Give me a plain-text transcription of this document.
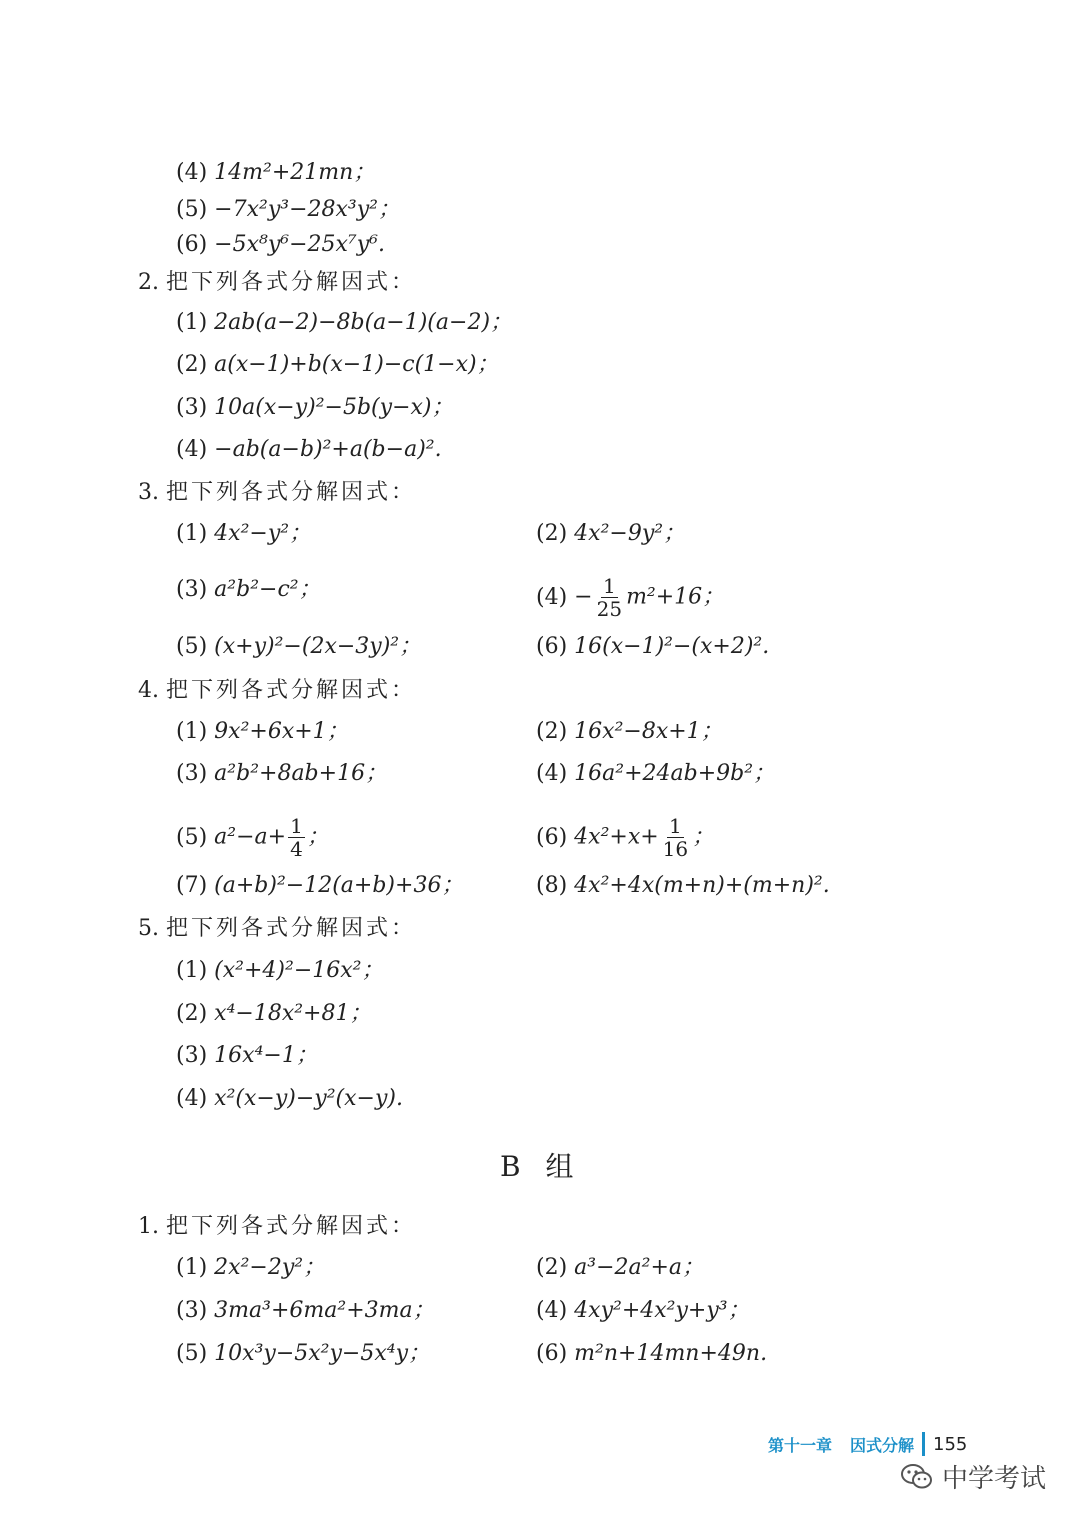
(4) 14m²+21mn；
(5) −7x²y³−28x³y²；
(6) −5x⁸y⁶−25x⁷y⁶.
2. 把下列各式分解因式：
(1) 2ab(a−2)−8b(a−1)(a−2)；
(2) a(x−1)+b(x−1)−c(1−x)；
(3) 10a(x−y)²−5b(y−x)；
(4) −ab(a−b)²+a(b−a)².
3. 把下列各式分解因式：
(1) 4x²−y²；	(2) 4x²−9y²；
(3) a²b²−c²；	$(4) - \frac{1}{25} m^2+16$；
(5) (x+y)²−(2x−3y)²；	(6) 16(x−1)²−(x+2)².
4. 把下列各式分解因式：
(1) 9x²+6x+1；	(2) 16x²−8x+1；
(3) a²b²+8ab+16；	(4) 16a²+24ab+9b²；
(5) $a^2-a+ \frac{1}{4}$ ；	(6) $4x^2+x+ \frac{1}{16}$ ；
(7) (a+b)²−12(a+b)+36；	(8) 4x²+4x(m+n)+(m+n)².
5. 把下列各式分解因式：
(1) (x²+4)²−16x²；
(2) x⁴−18x²+81；
(3) 16x⁴−1；
(4) x²(x−y)−y²(x−y).
B 组
1. 把下列各式分解因式：
(1) 2x²−2y²；	(2) a³−2a²+a；
(3) 3ma³+6ma²+3ma；	(4) 4xy²+4x²y+y³；
(5) 10x³y−5x²y−5x⁴y；	(6) m²n+14mn+49n.
第十一章 因式分解 155
中学考试
